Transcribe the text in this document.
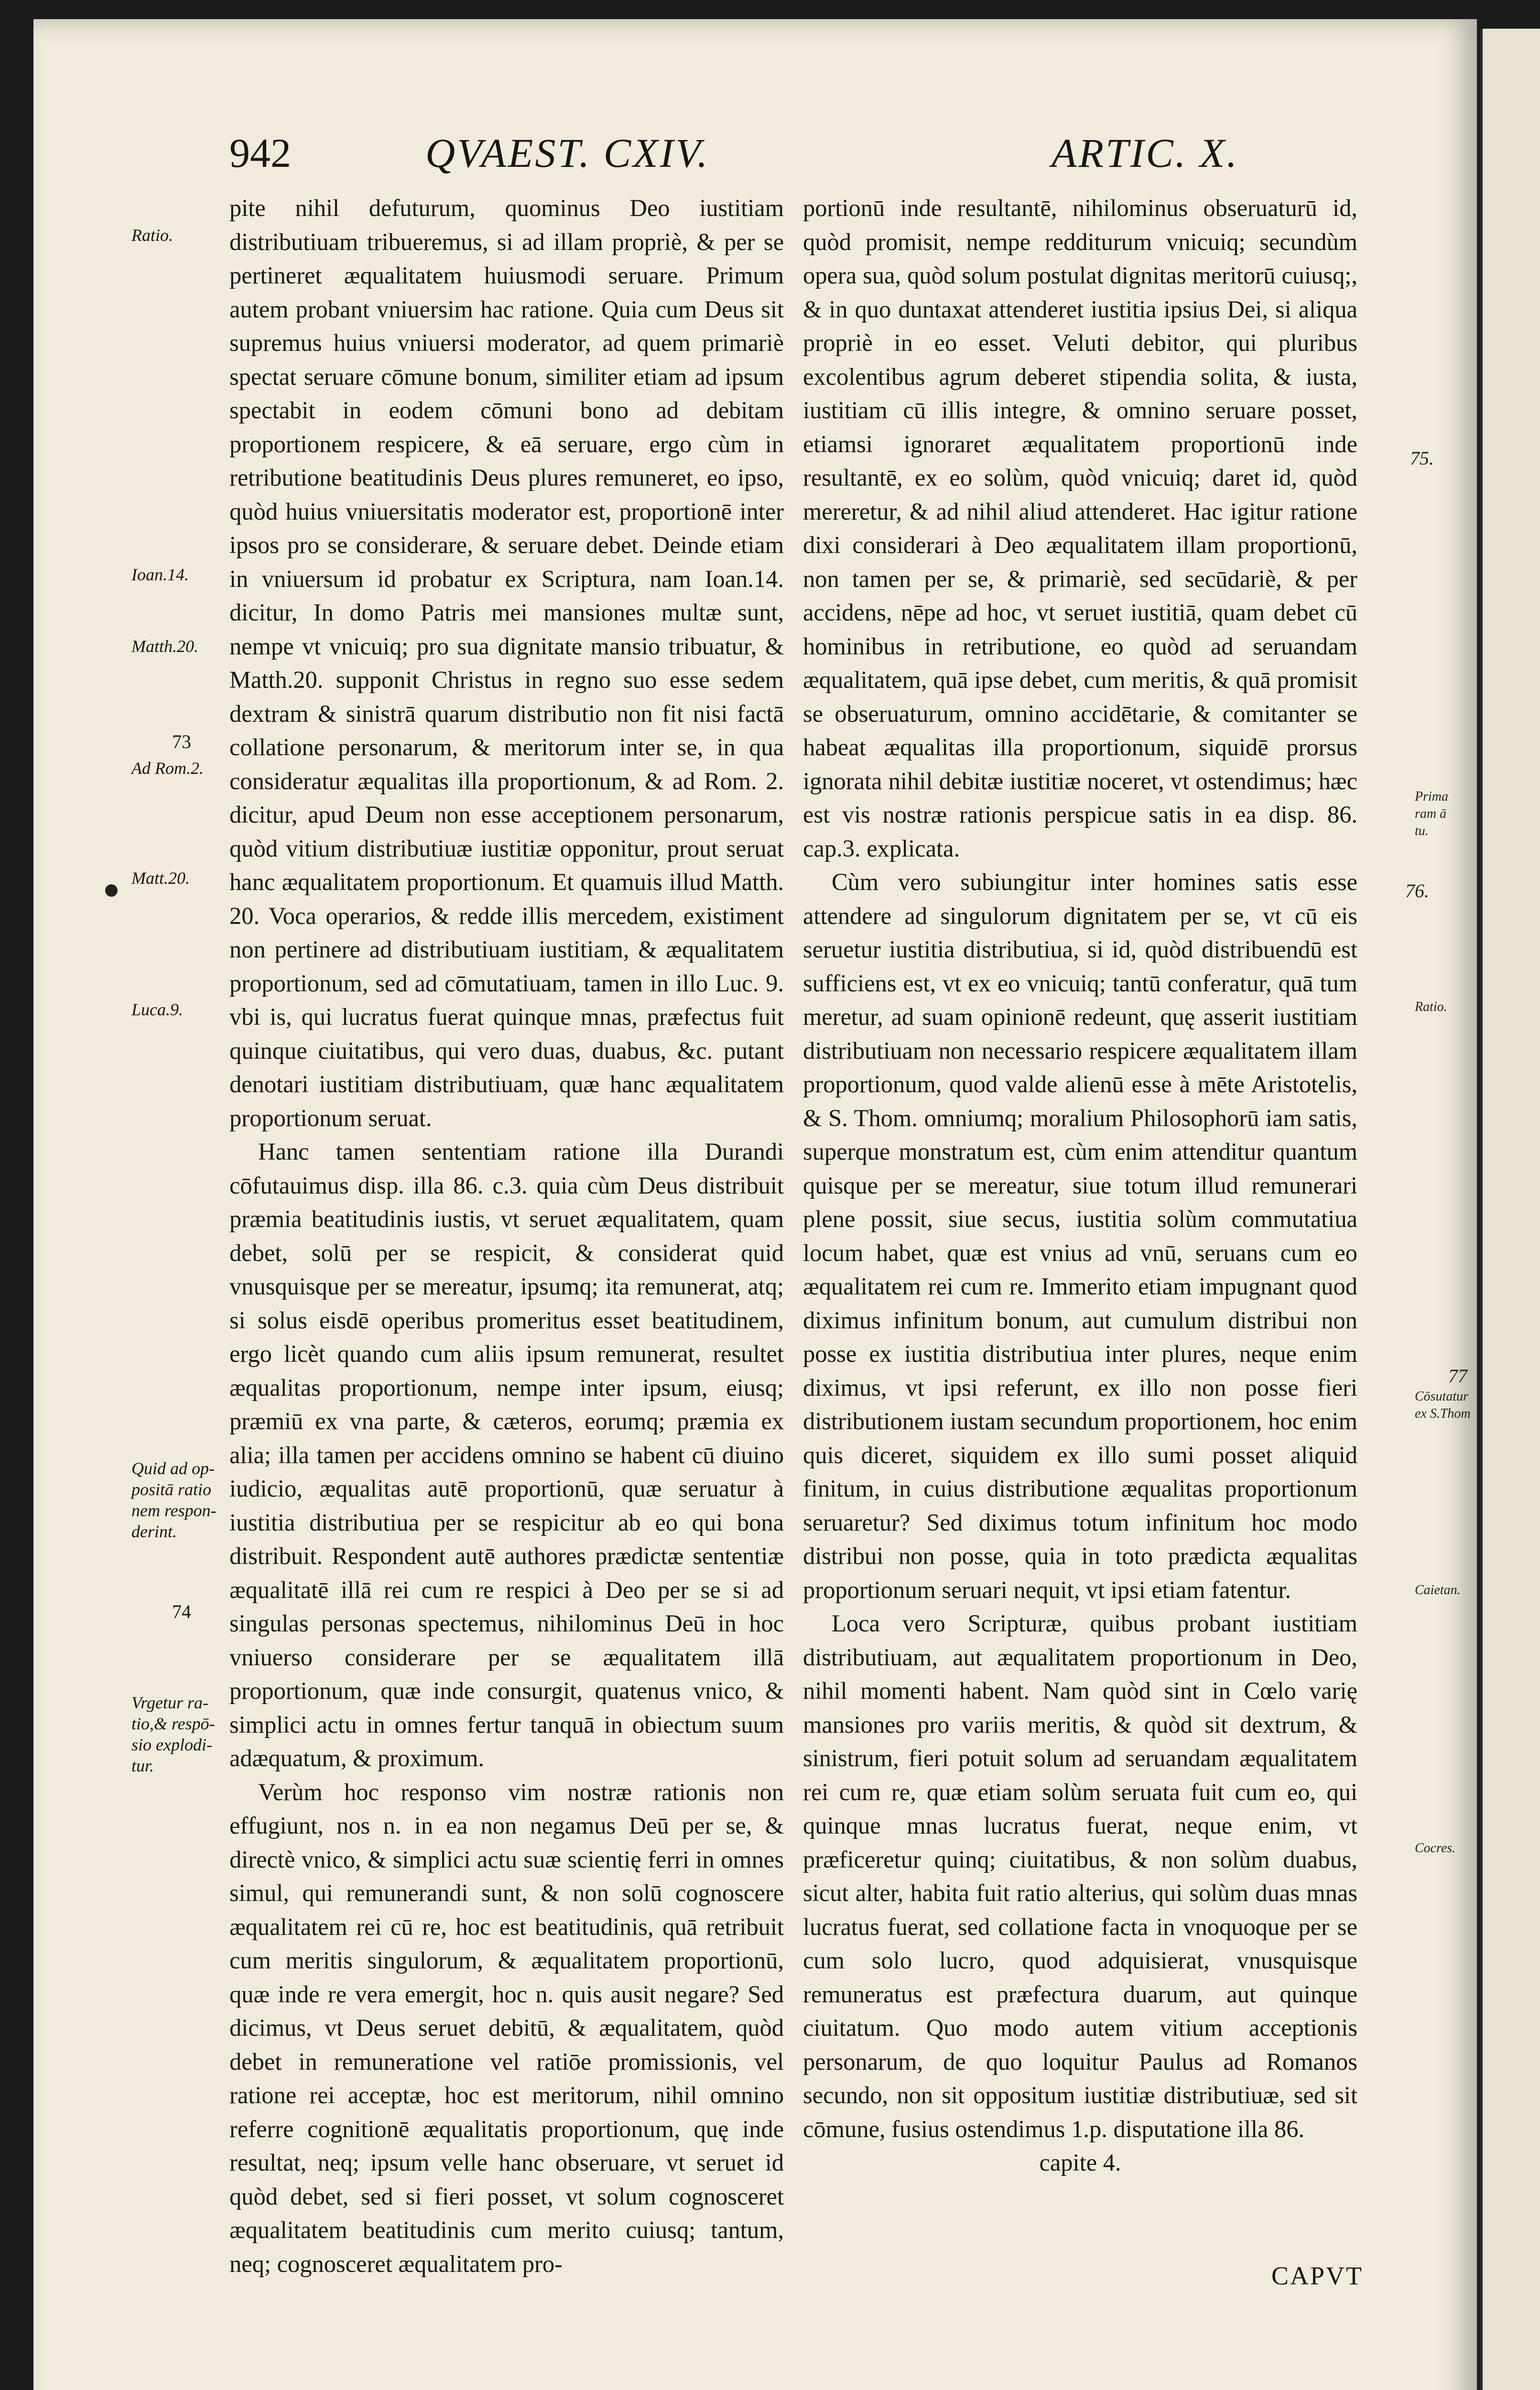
942	QVAEST. CXIV.	ARTIC. X.
Ratio.
Ioan.14.
Matth.20.
73
Ad Rom.2.
Matt.20.
Luca.9.
Quid ad op-
positā ratio
nem respon-
derint.
74
Vrgetur ra-
tio,& respō-
sio explodi-
tur.
75.
Prima
ram ā
tu.
76.
Ratio.
77
Cōsutatur
ex S.Thom
Caietan.
Cocres.

pite nihil defuturum, quominus Deo iustitiam distributiuam tribueremus, si ad illam propriè, & per se pertineret æqualitatem huiusmodi seruare. Primum autem probant vniuersim hac ratione. Quia cum Deus sit supremus huius vniuersi moderator, ad quem primariè spectat seruare cōmune bonum, similiter etiam ad ipsum spectabit in eodem cōmuni bono ad debitam proportionem respicere, & eā seruare, ergo cùm in retributione beatitudinis Deus plures remuneret, eo ipso, quòd huius vniuersitatis moderator est, proportionē inter ipsos pro se considerare, & seruare debet. Deinde etiam in vniuersum id probatur ex Scriptura, nam Ioan.14. dicitur, In domo Patris mei mansiones multæ sunt, nempe vt vnicuiq; pro sua dignitate mansio tribuatur, & Matth.20. supponit Christus in regno suo esse sedem dextram & sinistrā quarum distributio non fit nisi factā collatione personarum, & meritorum inter se, in qua consideratur æqualitas illa proportionum, & ad Rom. 2. dicitur, apud Deum non esse acceptionem personarum, quòd vitium distributiuæ iustitiæ opponitur, prout seruat hanc æqualitatem proportionum. Et quamuis illud Matth. 20. Voca operarios, & redde illis mercedem, existiment non pertinere ad distributiuam iustitiam, & æqualitatem proportionum, sed ad cōmutatiuam, tamen in illo Luc. 9. vbi is, qui lucratus fuerat quinque mnas, præfectus fuit quinque ciuitatibus, qui vero duas, duabus, &c. putant denotari iustitiam distributiuam, quæ hanc æqualitatem proportionum seruat.

Hanc tamen sententiam ratione illa Durandi cōfutauimus disp. illa 86. c.3. quia cùm Deus distribuit præmia beatitudinis iustis, vt seruet æqualitatem, quam debet, solū per se respicit, & considerat quid vnusquisque per se mereatur, ipsumq; ita remunerat, atq; si solus eisdē operibus promeritus esset beatitudinem, ergo licèt quando cum aliis ipsum remunerat, resultet æqualitas proportionum, nempe inter ipsum, eiusq; præmiū ex vna parte, & cæteros, eorumq; præmia ex alia; illa tamen per accidens omnino se habent cū diuino iudicio, æqualitas autē proportionū, quæ seruatur à iustitia distributiua per se respicitur ab eo qui bona distribuit. Respondent autē authores prædictæ sententiæ æqualitatē illā rei cum re respici à Deo per se si ad singulas personas spectemus, nihilominus Deū in hoc vniuerso considerare per se æqualitatem illā proportionum, quæ inde consurgit, quatenus vnico, & simplici actu in omnes fertur tanquā in obiectum suum adæquatum, & proximum.

Verùm hoc responso vim nostræ rationis non effugiunt, nos n. in ea non negamus Deū per se, & directè vnico, & simplici actu suæ scientię ferri in omnes simul, qui remunerandi sunt, & non solū cognoscere æqualitatem rei cū re, hoc est beatitudinis, quā retribuit cum meritis singulorum, & æqualitatem proportionū, quæ inde re vera emergit, hoc n. quis ausit negare? Sed dicimus, vt Deus seruet debitū, & æqualitatem, quòd debet in remuneratione vel ratiōe promissionis, vel ratione rei acceptæ, hoc est meritorum, nihil omnino referre cognitionē æqualitatis proportionum, quę inde resultat, neq; ipsum velle hanc obseruare, vt seruet id quòd debet, sed si fieri posset, vt solum cognosceret æqualitatem beatitudinis cum merito cuiusq; tantum, neq; cognosceret æqualitatem pro-

portionū inde resultantē, nihilominus obseruaturū id, quòd promisit, nempe redditurum vnicuiq; secundùm opera sua, quòd solum postulat dignitas meritorū cuiusq;, & in quo duntaxat attenderet iustitia ipsius Dei, si aliqua propriè in eo esset. Veluti debitor, qui pluribus excolentibus agrum deberet stipendia solita, & iusta, iustitiam cū illis integre, & omnino seruare posset, etiamsi ignoraret æqualitatem proportionū inde resultantē, ex eo solùm, quòd vnicuiq; daret id, quòd mereretur, & ad nihil aliud attenderet. Hac igitur ratione dixi considerari à Deo æqualitatem illam proportionū, non tamen per se, & primariè, sed secūdariè, & per accidens, nēpe ad hoc, vt seruet iustitiā, quam debet cū hominibus in retributione, eo quòd ad seruandam æqualitatem, quā ipse debet, cum meritis, & quā promisit se obseruaturum, omnino accidētarie, & comitanter se habeat æqualitas illa proportionum, siquidē prorsus ignorata nihil debitæ iustitiæ noceret, vt ostendimus; hæc est vis nostræ rationis perspicue satis in ea disp. 86. cap.3. explicata.

Cùm vero subiungitur inter homines satis esse attendere ad singulorum dignitatem per se, vt cū eis seruetur iustitia distributiua, si id, quòd distribuendū est sufficiens est, vt ex eo vnicuiq; tantū conferatur, quā tum meretur, ad suam opinionē redeunt, quę asserit iustitiam distributiuam non necessario respicere æqualitatem illam proportionum, quod valde alienū esse à mēte Aristotelis, & S. Thom. omniumq; moralium Philosophorū iam satis, superque monstratum est, cùm enim attenditur quantum quisque per se mereatur, siue totum illud remunerari plene possit, siue secus, iustitia solùm commutatiua locum habet, quæ est vnius ad vnū, seruans cum eo æqualitatem rei cum re. Immerito etiam impugnant quod diximus infinitum bonum, aut cumulum distribui non posse ex iustitia distributiua inter plures, neque enim diximus, vt ipsi referunt, ex illo non posse fieri distributionem iustam secundum proportionem, hoc enim quis diceret, siquidem ex illo sumi posset aliquid finitum, in cuius distributione æqualitas proportionum seruaretur? Sed diximus totum infinitum hoc modo distribui non posse, quia in toto prædicta æqualitas proportionum seruari nequit, vt ipsi etiam fatentur.

Loca vero Scripturæ, quibus probant iustitiam distributiuam, aut æqualitatem proportionum in Deo, nihil momenti habent. Nam quòd sint in Cœlo varię mansiones pro variis meritis, & quòd sit dextrum, & sinistrum, fieri potuit solum ad seruandam æqualitatem rei cum re, quæ etiam solùm seruata fuit cum eo, qui quinque mnas lucratus fuerat, neque enim, vt præficeretur quinq; ciuitatibus, & non solùm duabus, sicut alter, habita fuit ratio alterius, qui solùm duas mnas lucratus fuerat, sed collatione facta in vnoquoque per se cum solo lucro, quod adquisierat, vnusquisque remuneratus est præfectura duarum, aut quinque ciuitatum. Quo modo autem vitium acceptionis personarum, de quo loquitur Paulus ad Romanos secundo, non sit oppositum iustitiæ distributiuæ, sed sit cōmune, fusius ostendimus 1.p. disputatione illa 86.

capite 4.

CAPVT
